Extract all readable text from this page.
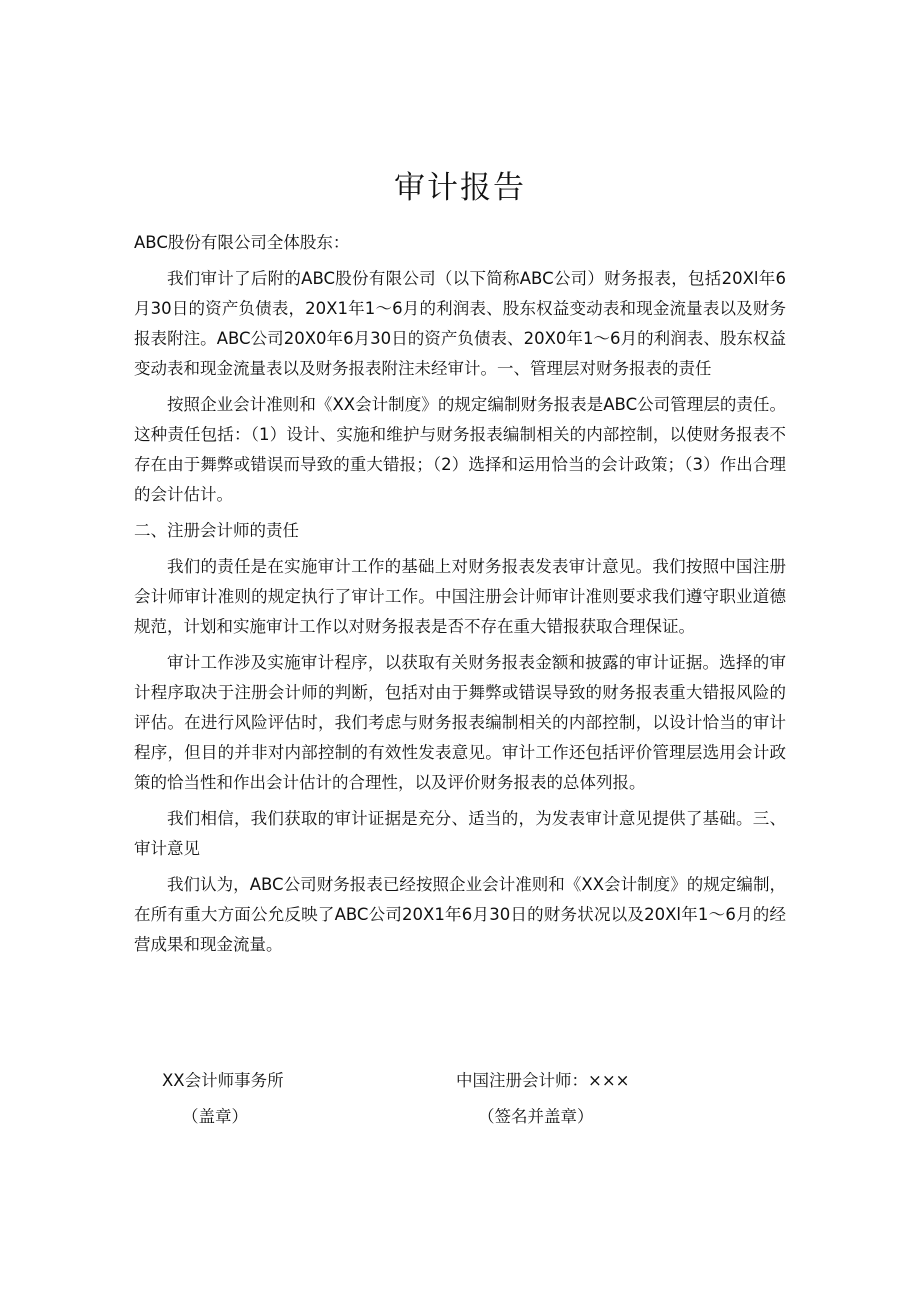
审计报告

ABC股份有限公司全体股东：

我们审计了后附的ABC股份有限公司（以下简称ABC公司）财务报表，包括20Xl年6月30日的资产负债表，20X1年1〜6月的利润表、股东权益变动表和现金流量表以及财务报表附注。ABC公司20X0年6月30日的资产负债表、20X0年1〜6月的利润表、股东权益变动表和现金流量表以及财务报表附注未经审计。一、管理层对财务报表的责任

按照企业会计准则和《XX会计制度》的规定编制财务报表是ABC公司管理层的责任。这种责任包括：（1）设计、实施和维护与财务报表编制相关的内部控制，以使财务报表不存在由于舞弊或错误而导致的重大错报；（2）选择和运用恰当的会计政策；（3）作出合理的会计估计。

二、注册会计师的责任

我们的责任是在实施审计工作的基础上对财务报表发表审计意见。我们按照中国注册会计师审计准则的规定执行了审计工作。中国注册会计师审计准则要求我们遵守职业道德规范，计划和实施审计工作以对财务报表是否不存在重大错报获取合理保证。

审计工作涉及实施审计程序，以获取有关财务报表金额和披露的审计证据。选择的审计程序取决于注册会计师的判断，包括对由于舞弊或错误导致的财务报表重大错报风险的评估。在进行风险评估时，我们考虑与财务报表编制相关的内部控制，以设计恰当的审计程序，但目的并非对内部控制的有效性发表意见。审计工作还包括评价管理层选用会计政策的恰当性和作出会计估计的合理性，以及评价财务报表的总体列报。

我们相信，我们获取的审计证据是充分、适当的，为发表审计意见提供了基础。三、审计意见

我们认为，ABC公司财务报表已经按照企业会计准则和《XX会计制度》的规定编制，在所有重大方面公允反映了ABC公司20X1年6月30日的财务状况以及20Xl年1〜6月的经营成果和现金流量。

XX会计师事务所	中国注册会计师：×××
（盖章）	（签名并盖章）
